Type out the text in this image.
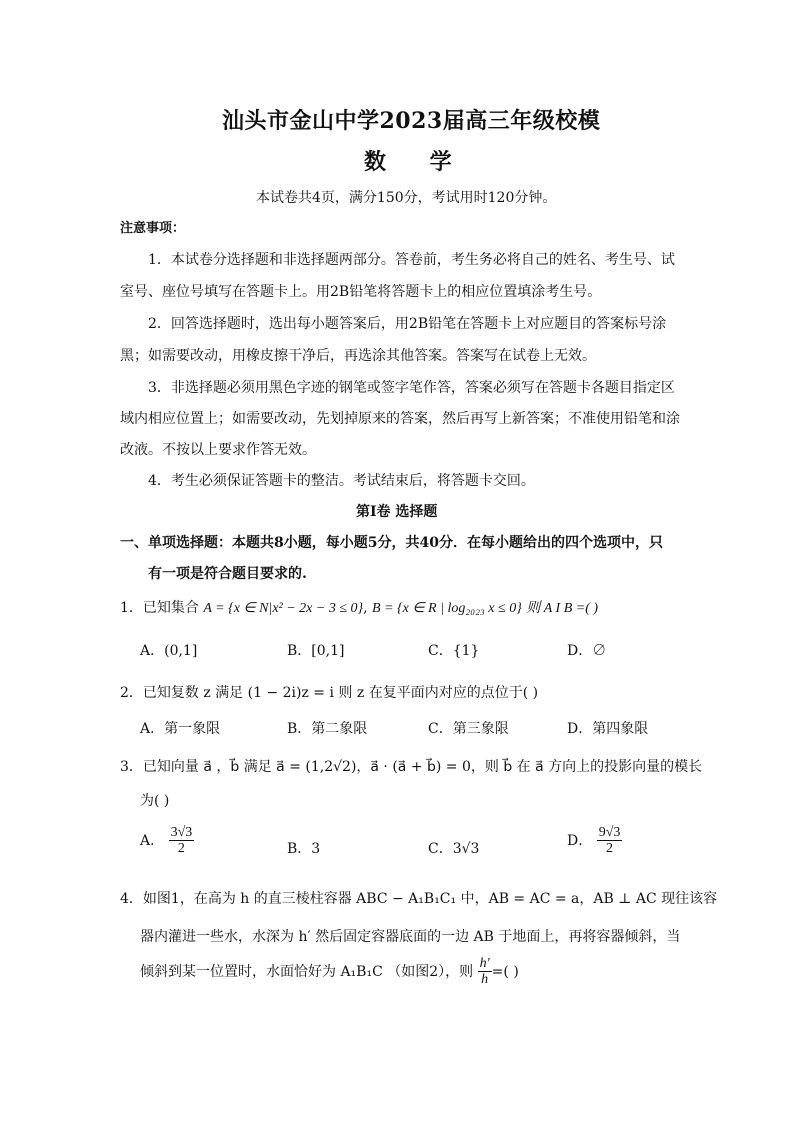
汕头市金山中学2023届高三年级校模
数 学
本试卷共4页，满分150分，考试用时120分钟。
注意事项：
1．本试卷分选择题和非选择题两部分。答卷前，考生务必将自己的姓名、考生号、试
室号、座位号填写在答题卡上。用2B铅笔将答题卡上的相应位置填涂考生号。
2．回答选择题时，选出每小题答案后，用2B铅笔在答题卡上对应题目的答案标号涂
黑；如需要改动，用橡皮擦干净后，再选涂其他答案。答案写在试卷上无效。
3．非选择题必须用黑色字迹的钢笔或签字笔作答，答案必须写在答题卡各题目指定区
域内相应位置上；如需要改动，先划掉原来的答案，然后再写上新答案；不准使用铅笔和涂
改液。不按以上要求作答无效。
4．考生必须保证答题卡的整洁。考试结束后，将答题卡交回。
第Ⅰ卷 选择题
一、单项选择题：本题共8小题，每小题5分，共40分．在每小题给出的四个选项中，只
有一项是符合题目要求的.
1．已知集合 A = {x ∈ N|x² − 2x − 3 ≤ 0}, B = {x ∈ R | log₂₀₂₃ x ≤ 0} 则 A I B =( )
A．(0,1]	B．[0,1]	C．{1}	D．∅
2．已知复数 z 满足 (1 − 2i)z = i 则 z 在复平面内对应的点位于( )
A．第一象限	B．第二象限	C．第三象限	D．第四象限
3．已知向量 a⃗ ，b⃗ 满足 a⃗ = (1,2√2)，a⃗ · (a⃗ + b⃗) = 0，则 b⃗ 在 a⃗ 方向上的投影向量的模长
为( )
A． $\frac{3√3}{2}$	B．3	C．3√3
D． $\frac{9√3}{2}$
4．如图1，在高为 h 的直三棱柱容器 ABC − A₁B₁C₁ 中，AB = AC = a，AB ⊥ AC 现往该容
器内灌进一些水，水深为 h′ 然后固定容器底面的一边 AB 于地面上，再将容器倾斜，当
倾斜到某一位置时，水面恰好为 A₁B₁C （如图2），则 $\frac{h'}{h}$ =( )
